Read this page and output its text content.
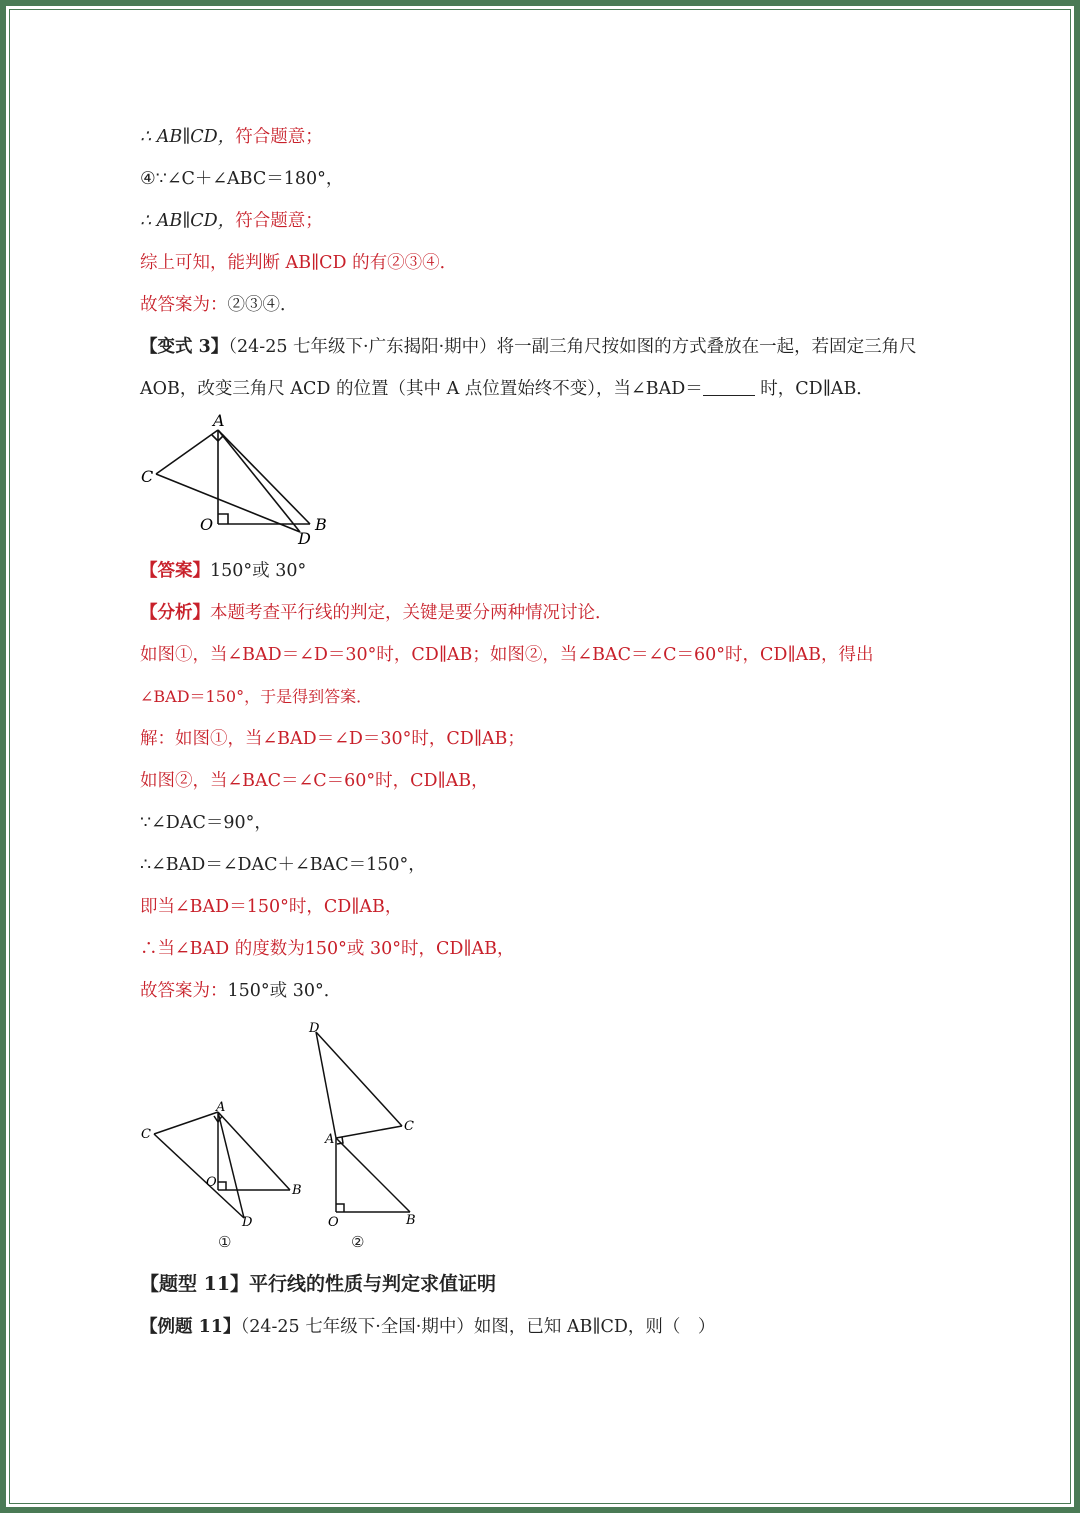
∴ AB∥CD，符合题意；
④∵∠C＋∠ABC＝180°，
∴ AB∥CD，符合题意；
综上可知，能判断 AB∥CD 的有②③④．
故答案为：②③④．
【变式 3】（24-25 七年级下·广东揭阳·期中）将一副三角尺按如图的方式叠放在一起，若固定三角尺
AOB，改变三角尺 ACD 的位置（其中 A 点位置始终不变），当∠BAD＝	时，CD∥AB．
A
C
O	B
D
【答案】150°或 30°
【分析】本题考查平行线的判定，关键是要分两种情况讨论．
如图①，当∠BAD＝∠D＝30°时，CD∥AB；如图②，当∠BAC＝∠C＝60°时，CD∥AB，得出
∠BAD＝150°，于是得到答案．
解：如图①，当∠BAD＝∠D＝30°时，CD∥AB；
如图②，当∠BAC＝∠C＝60°时，CD∥AB，
∵∠DAC＝90°，
∴∠BAD＝∠DAC＋∠BAC＝150°，
即当∠BAD＝150°时，CD∥AB，
∴当∠BAD 的度数为150°或 30°时，CD∥AB，
故答案为：150°或 30°．
A
C
O
B
D
①
D
C
A
O	B
②
【题型 11】平行线的性质与判定求值证明
【例题 11】（24-25 七年级下·全国·期中）如图，已知 AB∥CD，则（　）
